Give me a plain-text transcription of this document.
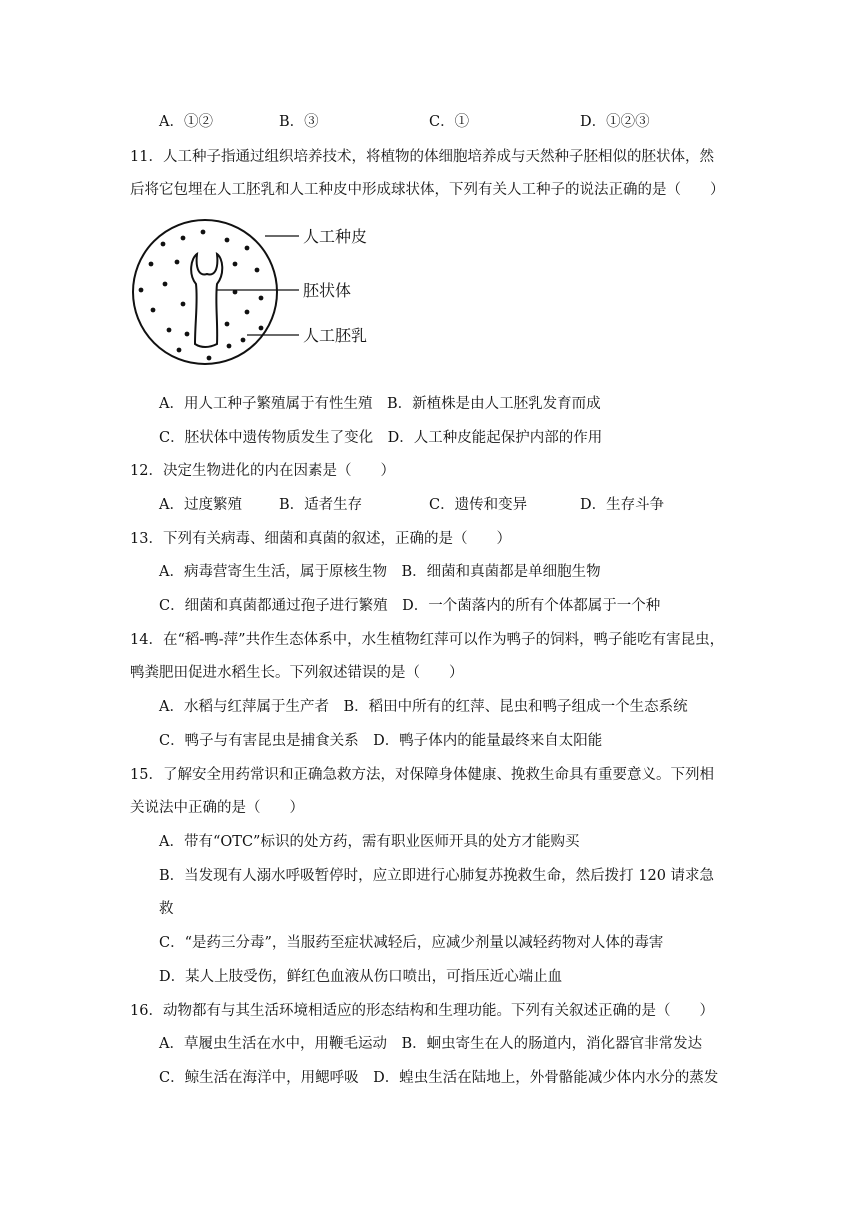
A．①②	B．③	C．①	D．①②③
11．人工种子指通过组织培养技术，将植物的体细胞培养成与天然种子胚相似的胚状体，然
后将它包埋在人工胚乳和人工种皮中形成球状体，下列有关人工种子的说法正确的是（　　）
人工种皮
胚状体
人工胚乳
A．用人工种子繁殖属于有性生殖　B．新植株是由人工胚乳发育而成
C．胚状体中遗传物质发生了变化　D．人工种皮能起保护内部的作用
12．决定生物进化的内在因素是（　　）
A．过度繁殖	B．适者生存	C．遗传和变异	D．生存斗争
13．下列有关病毒、细菌和真菌的叙述，正确的是（　　）
A．病毒营寄生生活，属于原核生物　B．细菌和真菌都是单细胞生物
C．细菌和真菌都通过孢子进行繁殖　D．一个菌落内的所有个体都属于一个种
14．在“稻-鸭-萍”共作生态体系中，水生植物红萍可以作为鸭子的饲料，鸭子能吃有害昆虫，
鸭粪肥田促进水稻生长。下列叙述错误的是（　　）
A．水稻与红萍属于生产者　B．稻田中所有的红萍、昆虫和鸭子组成一个生态系统
C．鸭子与有害昆虫是捕食关系　D．鸭子体内的能量最终来自太阳能
15．了解安全用药常识和正确急救方法，对保障身体健康、挽救生命具有重要意义。下列相
关说法中正确的是（　　）
A．带有“OTC”标识的处方药，需有职业医师开具的处方才能购买
B．当发现有人溺水呼吸暂停时，应立即进行心肺复苏挽救生命，然后拨打 120 请求急
救
C．“是药三分毒”，当服药至症状减轻后，应减少剂量以减轻药物对人体的毒害
D．某人上肢受伤，鲜红色血液从伤口喷出，可指压近心端止血
16．动物都有与其生活环境相适应的形态结构和生理功能。下列有关叙述正确的是（　　）
A．草履虫生活在水中，用鞭毛运动　B．蛔虫寄生在人的肠道内，消化器官非常发达
C．鲸生活在海洋中，用鳃呼吸　D．蝗虫生活在陆地上，外骨骼能减少体内水分的蒸发
